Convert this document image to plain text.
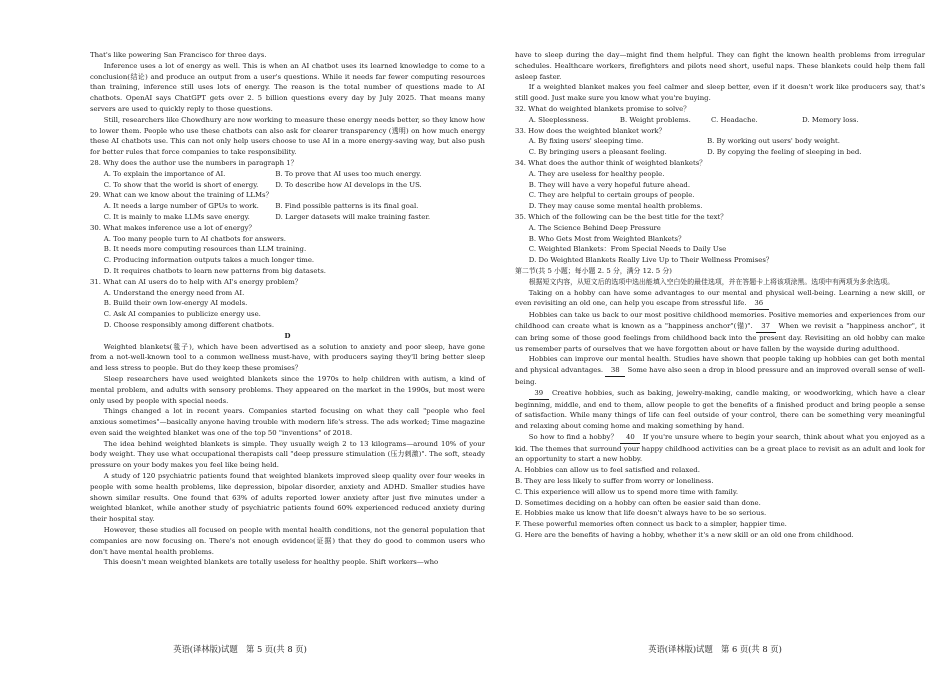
That's like powering San Francisco for three days.

Inference uses a lot of energy as well. This is when an AI chatbot uses its learned knowledge to come to a conclusion(结论) and produce an output from a user's questions. While it needs far fewer computing resources than training, inference still uses lots of energy. The reason is the total number of questions made to AI chatbots. OpenAI says ChatGPT gets over 2. 5 billion questions every day by July 2025. That means many servers are used to quickly reply to those questions.

Still, researchers like Chowdhury are now working to measure these energy needs better, so they know how to lower them. People who use these chatbots can also ask for clearer transparency (透明) on how much energy these AI chatbots use. This can not only help users choose to use AI in a more energy-saving way, but also push for better rules that force companies to take responsibility.

28. Why does the author use the numbers in paragraph 1？

A. To explain the importance of AI.	B. To prove that AI uses too much energy.
C. To show that the world is short of energy.	D. To describe how AI develops in the US.

29. What can we know about the training of LLMs？

A. It needs a large number of GPUs to work.	B. Find possible patterns is its final goal.
C. It is mainly to make LLMs save energy.	D. Larger datasets will make training faster.

30. What makes inference use a lot of energy？

A. Too many people turn to AI chatbots for answers.

B. It needs more computing resources than LLM training.

C. Producing information outputs takes a much longer time.

D. It requires chatbots to learn new patterns from big datasets.

31. What can AI users do to help with AI's energy problem？

A. Understand the energy need from AI.

B. Build their own low-energy AI models.

C. Ask AI companies to publicize energy use.

D. Choose responsibly among different chatbots.

D

Weighted blankets(毯子), which have been advertised as a solution to anxiety and poor sleep, have gone from a not-well-known tool to a common wellness must-have, with producers saying they'll bring better sleep and less stress to people. But do they keep these promises？

Sleep researchers have used weighted blankets since the 1970s to help children with autism, a kind of mental problem, and adults with sensory problems. They appeared on the market in the 1990s, but most were only used by people with special needs.

Things changed a lot in recent years. Companies started focusing on what they call "people who feel anxious sometimes"—basically anyone having trouble with modern life's stress. The ads worked; Time magazine even said the weighted blanket was one of the top 50 "inventions" of 2018.

The idea behind weighted blankets is simple. They usually weigh 2 to 13 kilograms—around 10% of your body weight. They use what occupational therapists call "deep pressure stimulation (压力刺激)". The soft, steady pressure on your body makes you feel like being held.

A study of 120 psychiatric patients found that weighted blankets improved sleep quality over four weeks in people with some health problems, like depression, bipolar disorder, anxiety and ADHD. Smaller studies have shown similar results. One found that 63% of adults reported lower anxiety after just five minutes under a weighted blanket, while another study of psychiatric patients found 60% experienced reduced anxiety during their hospital stay.

However, these studies all focused on people with mental health conditions, not the general population that companies are now focusing on. There's not enough evidence(证据) that they do good to common users who don't have mental health problems.

This doesn't mean weighted blankets are totally useless for healthy people. Shift workers—who

英语(译林版)试题　第 5 页(共 8 页)

have to sleep during the day—might find them helpful. They can fight the known health problems from irregular schedules. Healthcare workers, firefighters and pilots need short, useful naps. These blankets could help them fall asleep faster.

If a weighted blanket makes you feel calmer and sleep better, even if it doesn't work like producers say, that's still good. Just make sure you know what you're buying.

32. What do weighted blankets promise to solve？

A. Sleeplessness.	B. Weight problems.	C. Headache.	D. Memory loss.

33. How does the weighted blanket work？

A. By fixing users' sleeping time.	B. By working out users' body weight.
C. By bringing users a pleasant feeling.	D. By copying the feeling of sleeping in bed.

34. What does the author think of weighted blankets？

A. They are useless for healthy people.

B. They will have a very hopeful future ahead.

C. They are helpful to certain groups of people.

D. They may cause some mental health problems.

35. Which of the following can be the best title for the text？

A. The Science Behind Deep Pressure

B. Who Gets Most from Weighted Blankets？

C. Weighted Blankets：From Special Needs to Daily Use

D. Do Weighted Blankets Really Live Up to Their Wellness Promises？

第二节(共 5 小题；每小题 2. 5 分，满分 12. 5 分)

根据短文内容，从短文后的选项中选出能填入空白处的最佳选项，并在答题卡上将该项涂黑。选项中有两项为多余选项。

Taking on a hobby can have some advantages to our mental and physical well-being. Learning a new skill, or even revisiting an old one, can help you escape from stressful life. 36

Hobbies can take us back to our most positive childhood memories. Positive memories and experiences from our childhood can create what is known as a "happiness anchor"(锚)". 37 When we revisit a "happiness anchor", it can bring some of those good feelings from childhood back into the present day. Revisiting an old hobby can make us remember parts of ourselves that we have forgotten about or have fallen by the wayside during adulthood.

Hobbies can improve our mental health. Studies have shown that people taking up hobbies can get both mental and physical advantages. 38 Some have also seen a drop in blood pressure and an improved overall sense of well-being.

39 Creative hobbies, such as baking, jewelry-making, candle making, or woodworking, which have a clear beginning, middle, and end to them, allow people to get the benefits of a finished product and bring people a sense of satisfaction. While many things of life can feel outside of your control, there can be something very meaningful and relaxing about coming home and making something by hand.

So how to find a hobby？ 40 If you're unsure where to begin your search, think about what you enjoyed as a kid. The themes that surround your happy childhood activities can be a great place to revisit as an adult and look for an opportunity to start a new hobby.

A. Hobbies can allow us to feel satisfied and relaxed.

B. They are less likely to suffer from worry or loneliness.

C. This experience will allow us to spend more time with family.

D. Sometimes deciding on a hobby can often be easier said than done.

E. Hobbies make us know that life doesn't always have to be so serious.

F. These powerful memories often connect us back to a simpler, happier time.

G. Here are the benefits of having a hobby, whether it's a new skill or an old one from childhood.

英语(译林版)试题　第 6 页(共 8 页)
